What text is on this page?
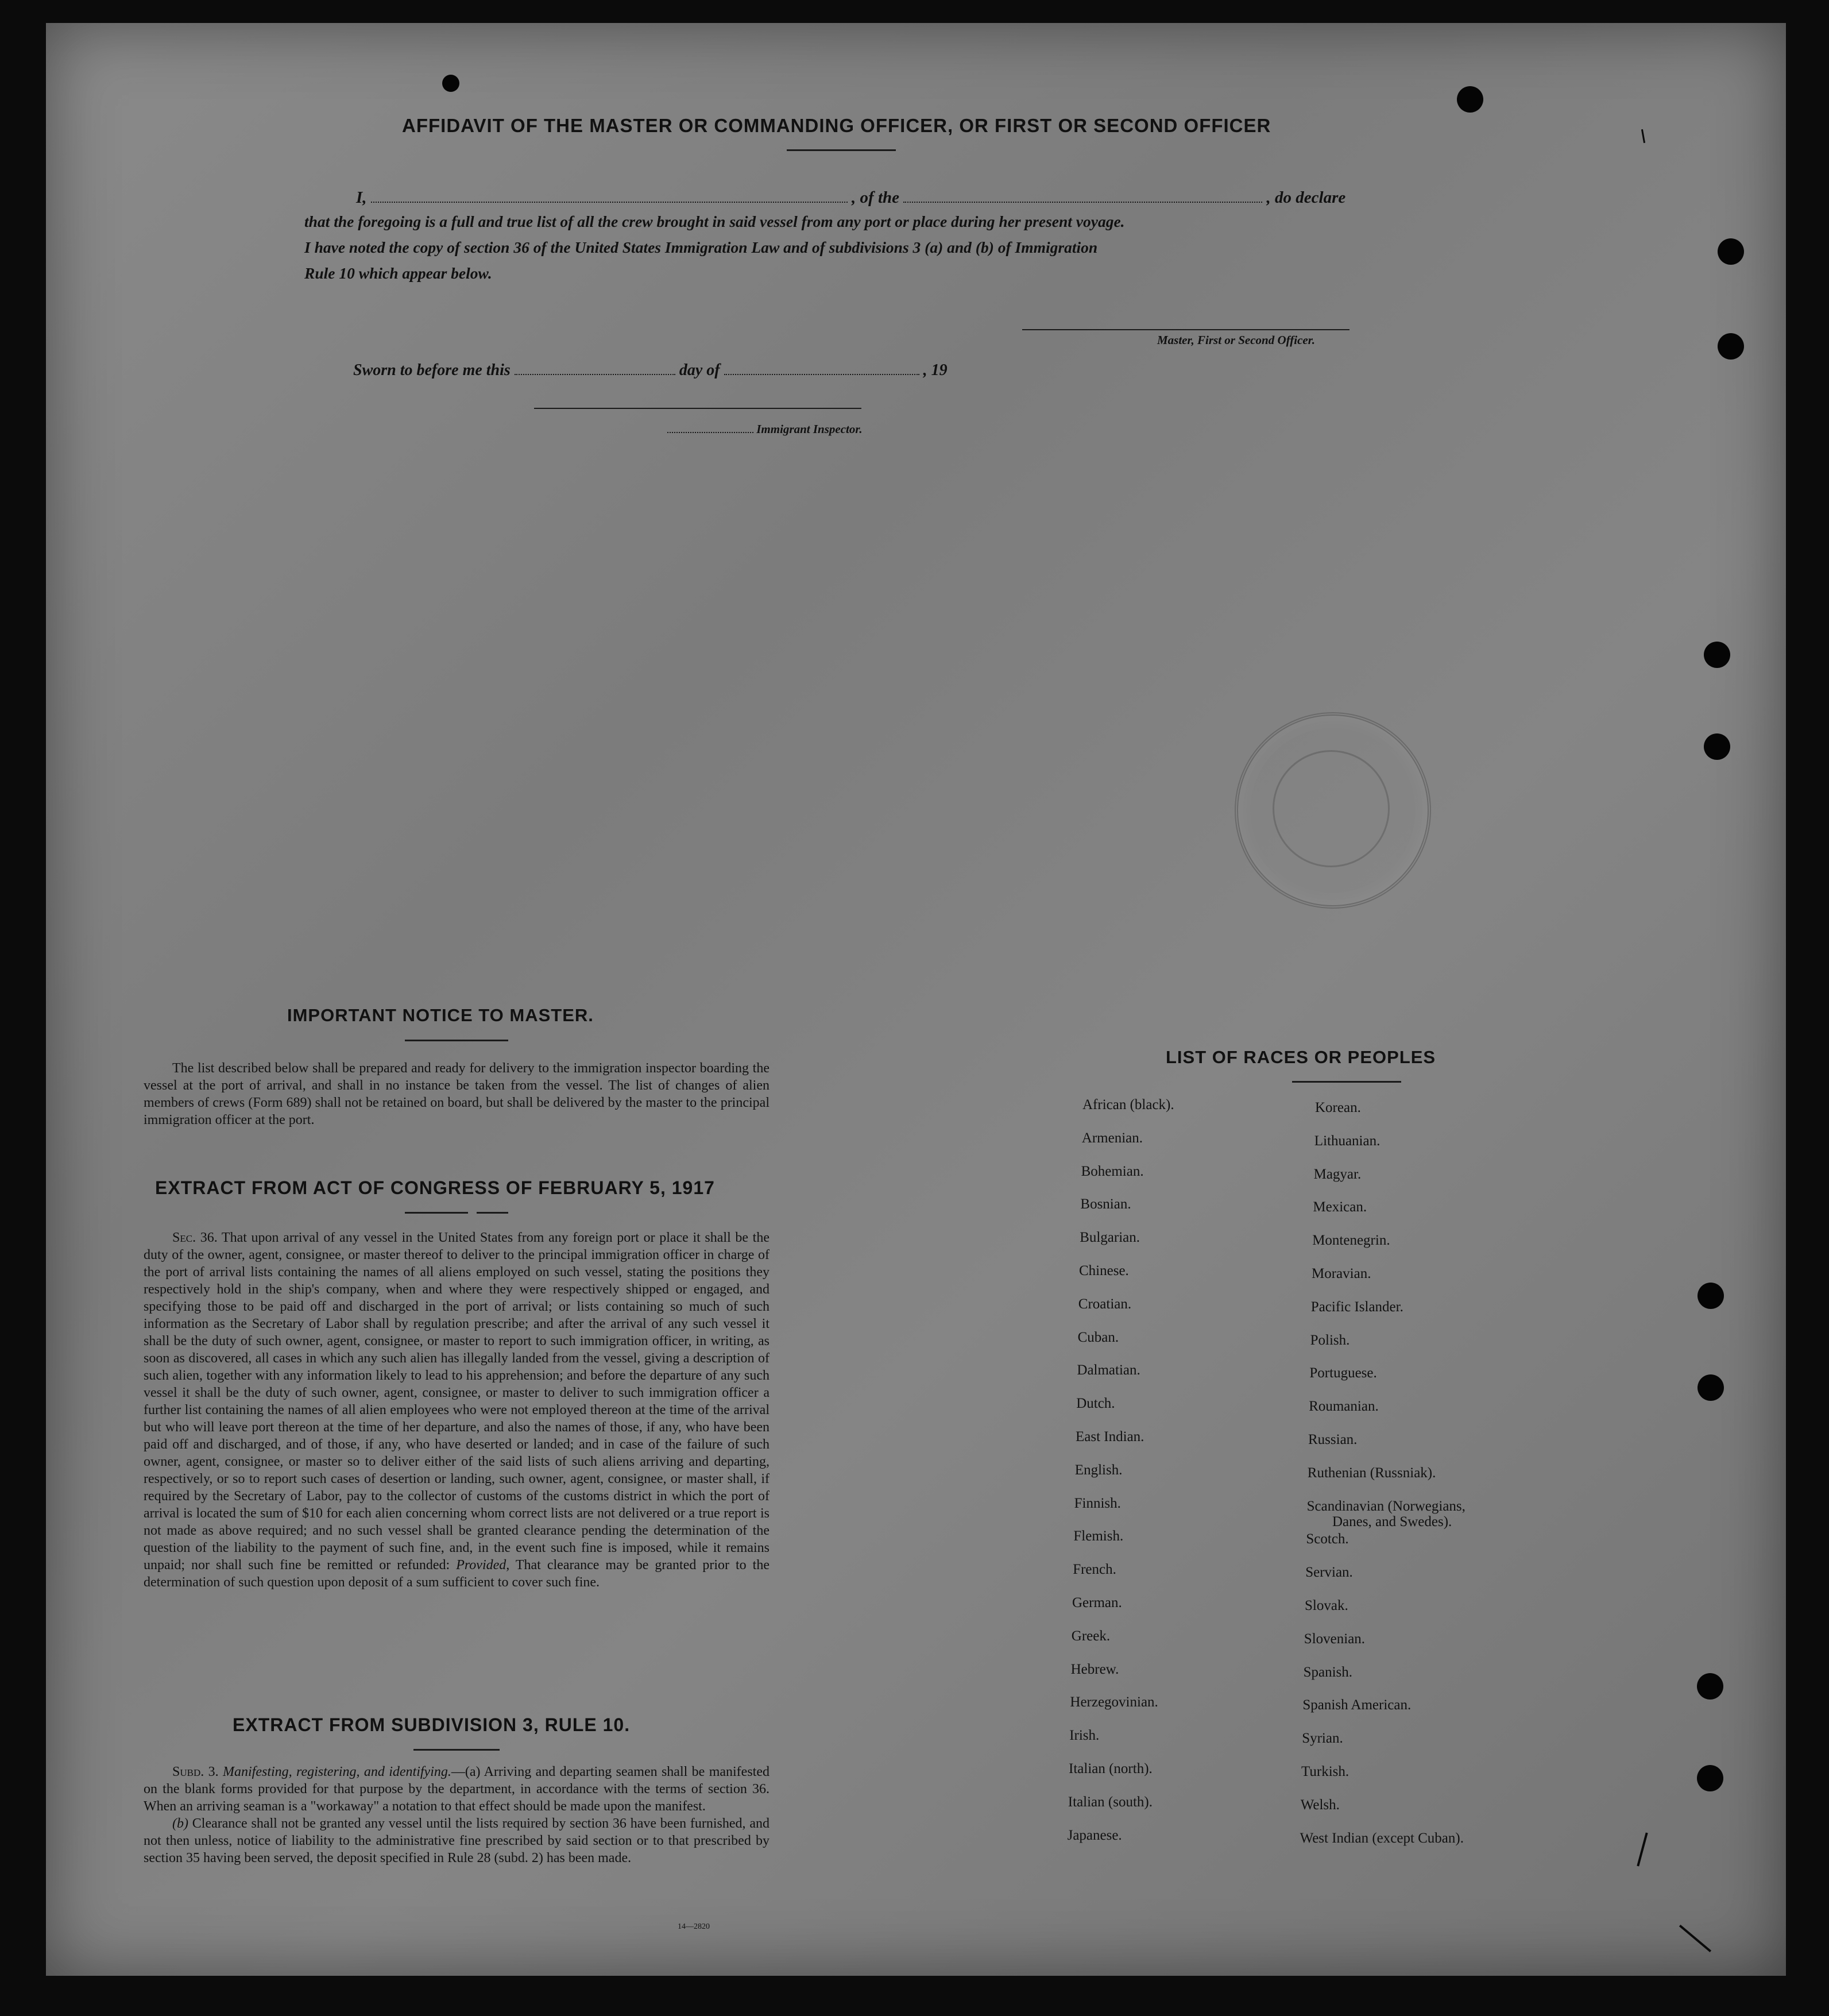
AFFIDAVIT OF THE MASTER OR COMMANDING OFFICER, OR FIRST OR SECOND OFFICER
I,	, of the	, do declare
that the foregoing is a full and true list of all the crew brought in said vessel from any port or place during her present voyage.
I have noted the copy of section 36 of the United States Immigration Law and of subdivisions 3 (a) and (b) of Immigration
Rule 10 which appear below.
Master, First or Second Officer.
Sworn to before me this	day of	, 19
Immigrant Inspector.
IMPORTANT NOTICE TO MASTER.

The list described below shall be prepared and ready for delivery to the immigration inspector boarding the vessel at the port of arrival, and shall in no instance be taken from the vessel. The list of changes of alien members of crews (Form 689) shall not be retained on board, but shall be delivered by the master to the principal immigration officer at the port.

EXTRACT FROM ACT OF CONGRESS OF FEBRUARY 5, 1917

Sec. 36. That upon arrival of any vessel in the United States from any foreign port or place it shall be the duty of the owner, agent, consignee, or master thereof to deliver to the principal immigration officer in charge of the port of arrival lists containing the names of all aliens employed on such vessel, stating the positions they respectively hold in the ship's company, when and where they were respectively shipped or engaged, and specifying those to be paid off and discharged in the port of arrival; or lists containing so much of such information as the Secretary of Labor shall by regulation prescribe; and after the arrival of any such vessel it shall be the duty of such owner, agent, consignee, or master to report to such immigration officer, in writing, as soon as discovered, all cases in which any such alien has illegally landed from the vessel, giving a description of such alien, together with any information likely to lead to his apprehension; and before the departure of any such vessel it shall be the duty of such owner, agent, consignee, or master to deliver to such immigration officer a further list containing the names of all alien employees who were not employed thereon at the time of the arrival but who will leave port thereon at the time of her departure, and also the names of those, if any, who have been paid off and discharged, and of those, if any, who have deserted or landed; and in case of the failure of such owner, agent, consignee, or master so to deliver either of the said lists of such aliens arriving and departing, respectively, or so to report such cases of desertion or landing, such owner, agent, consignee, or master shall, if required by the Secretary of Labor, pay to the collector of customs of the customs district in which the port of arrival is located the sum of $10 for each alien concerning whom correct lists are not delivered or a true report is not made as above required; and no such vessel shall be granted clearance pending the determination of the question of the liability to the payment of such fine, and, in the event such fine is imposed, while it remains unpaid; nor shall such fine be remitted or refunded: Provided, That clearance may be granted prior to the determination of such question upon deposit of a sum sufficient to cover such fine.

EXTRACT FROM SUBDIVISION 3, RULE 10.

Subd. 3. Manifesting, registering, and identifying.—(a) Arriving and departing seamen shall be manifested on the blank forms provided for that purpose by the department, in accordance with the terms of section 36. When an arriving seaman is a "workaway" a notation to that effect should be made upon the manifest.

(b) Clearance shall not be granted any vessel until the lists required by section 36 have been furnished, and not then unless, notice of liability to the administrative fine prescribed by said section or to that prescribed by section 35 having been served, the deposit specified in Rule 28 (subd. 2) has been made.

14—2820
LIST OF RACES OR PEOPLES
African (black).
Armenian.
Bohemian.
Bosnian.
Bulgarian.
Chinese.
Croatian.
Cuban.
Dalmatian.
Dutch.
East Indian.
English.
Finnish.
Flemish.
French.
German.
Greek.
Hebrew.
Herzegovinian.
Irish.
Italian (north).
Italian (south).
Japanese.
Korean.
Lithuanian.
Magyar.
Mexican.
Montenegrin.
Moravian.
Pacific Islander.
Polish.
Portuguese.
Roumanian.
Russian.
Ruthenian (Russniak).
Scandinavian (Norwegians,
Danes, and Swedes).
Scotch.
Servian.
Slovak.
Slovenian.
Spanish.
Spanish American.
Syrian.
Turkish.
Welsh.
West Indian (except Cuban).
